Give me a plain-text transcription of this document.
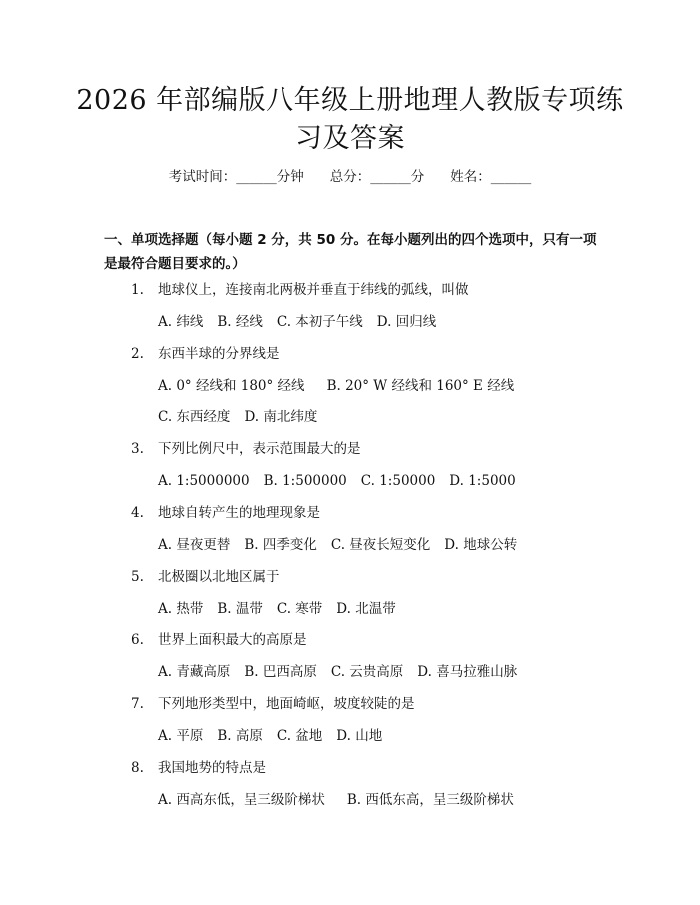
2026 年部编版八年级上册地理人教版专项练
习及答案
考试时间：______分钟 总分：______分 姓名：______
一、单项选择题（每小题 2 分，共 50 分。在每小题列出的四个选项中，只有一项
是最符合题目要求的。）
1. 地球仪上，连接南北两极并垂直于纬线的弧线，叫做
A. 纬线 B. 经线 C. 本初子午线 D. 回归线
2. 东西半球的分界线是
A. 0° 经线和 180° 经线 B. 20° W 经线和 160° E 经线
C. 东西经度 D. 南北纬度
3. 下列比例尺中，表示范围最大的是
A. 1:5000000 B. 1:500000 C. 1:50000 D. 1:5000
4. 地球自转产生的地理现象是
A. 昼夜更替 B. 四季变化 C. 昼夜长短变化 D. 地球公转
5. 北极圈以北地区属于
A. 热带 B. 温带 C. 寒带 D. 北温带
6. 世界上面积最大的高原是
A. 青藏高原 B. 巴西高原 C. 云贵高原 D. 喜马拉雅山脉
7. 下列地形类型中，地面崎岖，坡度较陡的是
A. 平原 B. 高原 C. 盆地 D. 山地
8. 我国地势的特点是
A. 西高东低，呈三级阶梯状 B. 西低东高，呈三级阶梯状
